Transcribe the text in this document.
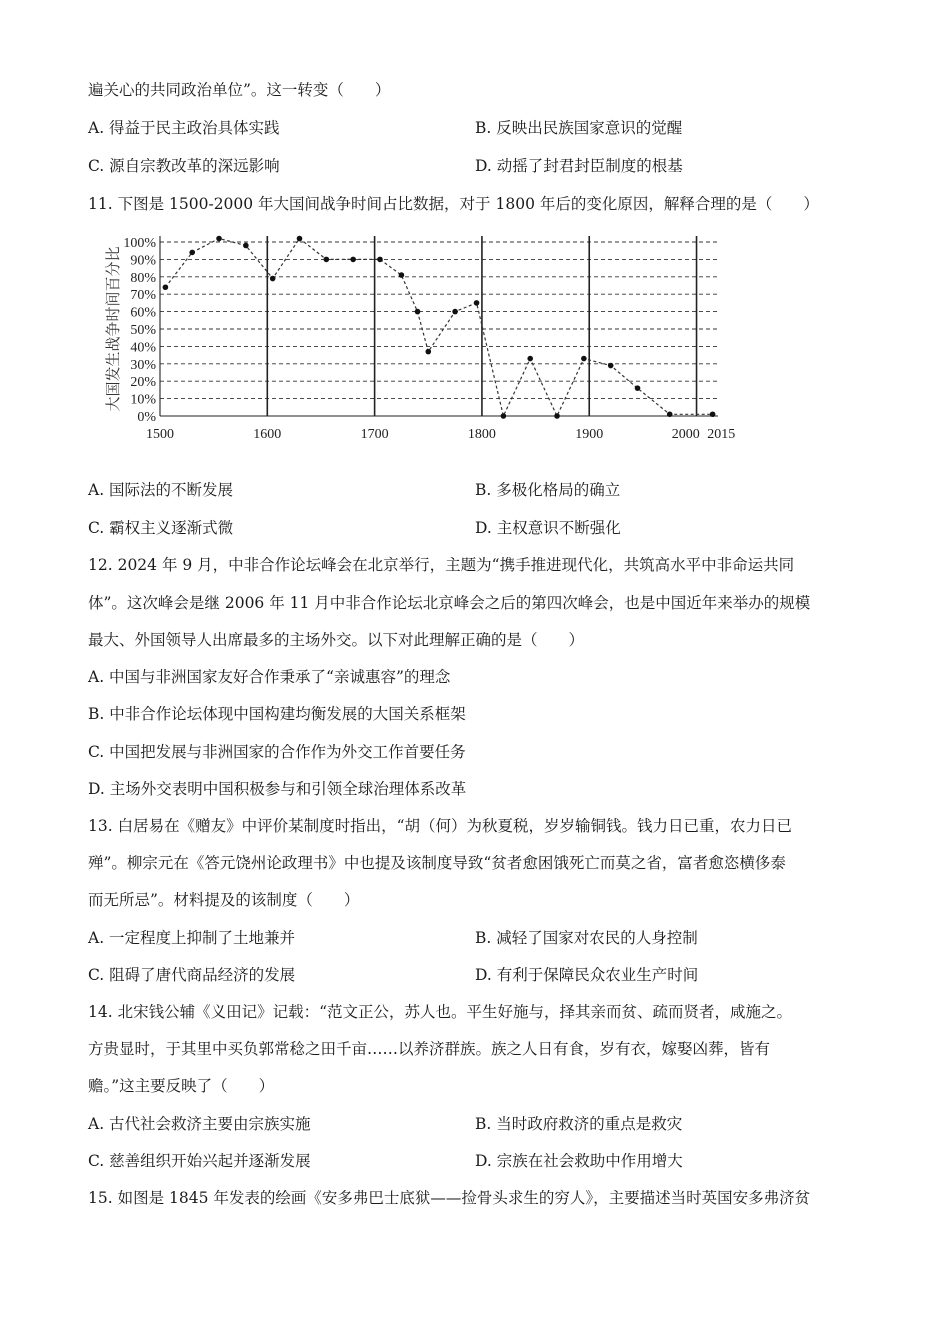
遍关心的共同政治单位”。这一转变（　　）
A. 得益于民主政治具体实践	B. 反映出民族国家意识的觉醒
C. 源自宗教改革的深远影响	D. 动摇了封君封臣制度的根基
11. 下图是 1500-2000 年大国间战争时间占比数据，对于 1800 年后的变化原因，解释合理的是（　　）
0%
10%
20%
30%
40%
50%
60%
70%
80%
90%
100%
1500	1600	1700	1800	1900	2000 2015
大国发生战争时间百分比
A. 国际法的不断发展	B. 多极化格局的确立
C. 霸权主义逐渐式微	D. 主权意识不断强化
12. 2024 年 9 月，中非合作论坛峰会在北京举行，主题为“携手推进现代化，共筑高水平中非命运共同
体”。这次峰会是继 2006 年 11 月中非合作论坛北京峰会之后的第四次峰会，也是中国近年来举办的规模
最大、外国领导人出席最多的主场外交。以下对此理解正确的是（　　）
A. 中国与非洲国家友好合作秉承了“亲诚惠容”的理念
B. 中非合作论坛体现中国构建均衡发展的大国关系框架
C. 中国把发展与非洲国家的合作作为外交工作首要任务
D. 主场外交表明中国积极参与和引领全球治理体系改革
13. 白居易在《赠友》中评价某制度时指出，“胡（何）为秋夏税，岁岁输铜钱。钱力日已重，农力日已
殚”。柳宗元在《答元饶州论政理书》中也提及该制度导致“贫者愈困饿死亡而莫之省，富者愈恣横侈泰
而无所忌”。材料提及的该制度（　　）
A. 一定程度上抑制了土地兼并	B. 减轻了国家对农民的人身控制
C. 阻碍了唐代商品经济的发展	D. 有利于保障民众农业生产时间
14. 北宋钱公辅《义田记》记载：“范文正公，苏人也。平生好施与，择其亲而贫、疏而贤者，咸施之。
方贵显时，于其里中买负郭常稔之田千亩……以养济群族。族之人日有食，岁有衣，嫁娶凶葬，皆有
赡。”这主要反映了（　　）
A. 古代社会救济主要由宗族实施	B. 当时政府救济的重点是救灾
C. 慈善组织开始兴起并逐渐发展	D. 宗族在社会救助中作用增大
15. 如图是 1845 年发表的绘画《安多弗巴士底狱——捡骨头求生的穷人》，主要描述当时英国安多弗济贫
